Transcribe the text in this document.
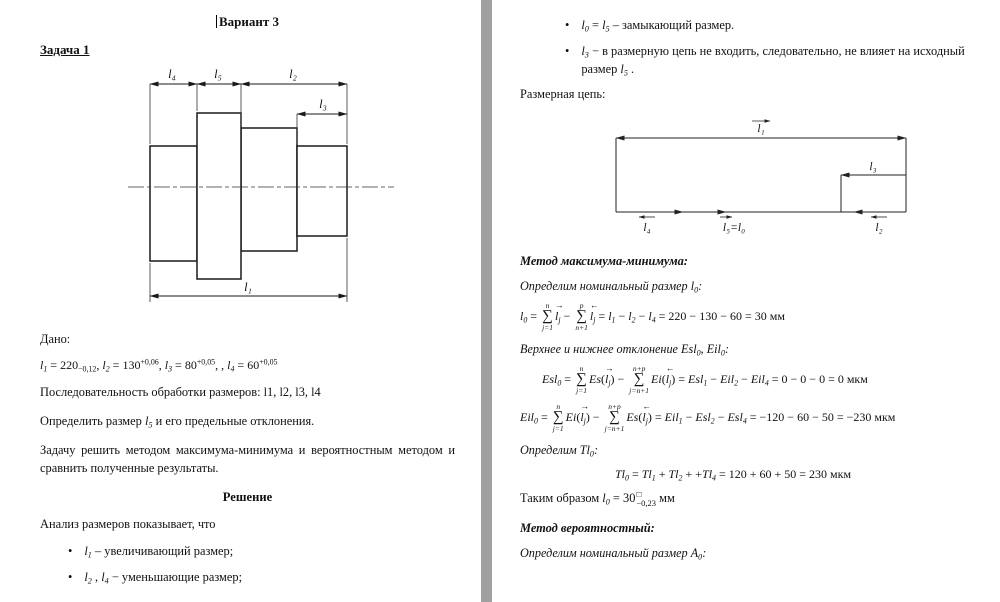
Вариант 3
Задача 1
l₄	l₅	l₂
l₃
l₁

Дано:

$l_1 = 220_{-0,12}$, $l_2 = 130^{+0,06}$, $l_3 = 80^{+0,05}$, , $l_4 = 60^{+0,05}$

Последовательность обработки размеров: l1, l2, l3, l4

Определить размер $l_5$ и его предельные отклонения.

Задачу решить методом максимума-минимума и вероятностным методом и сравнить полученные результаты.

Решение

Анализ размеров показывает, что

• $l_1$ – увеличивающий размер;
• $l_2$ , $l_4$ − уменьшающие размер;
• $l_0 = l_5$ – замыкающий размер.
• $l_3 - в$ размерную цепь не входить, следовательно, не влияет на исходный размер $l_5$ .

Размерная цепь:

l₁
l₃
l₄	l₅=l₀	l₂

Метод максимума-минимума:

Определим номинальный размер $l_0$:

$l_0$ =
n
∑
j=1
→ $l_j$ −
p
∑
n+1
← $l_j = l_1 - l_2 - l_4 = 220 - 130 - 60 = 30$ мм

Верхнее и нижнее отклонение Esl$_0$, Eil$_0$:

Esl$_0$ =
n
∑
j=1
$Es(\to l_j)$ −
n+p
∑
j=n+1
Ei(← $l_j) = Esl_1 - Eil_2 - Eil_4 = 0 - 0 - 0 = 0$ мкм

Eil$_0$ =
n
∑
j=1
$Ei(\to l_j)$ −
n+p
∑
j=n+1
Es(← $l_j) = Eil_1 - Esl_2 - Esl_4 = -120 - 60 - 50 = -230$ мкм

Определим $Tl_0$:

$Tl_0 = Tl_1 + Tl_2 + +Tl_4 = 120 + 60 + 50 = 230$ мкм

Таким образом $l_0 = 30$ □
−0,23 мм

Метод вероятностный:

Определим номинальный размер $A_0$:
